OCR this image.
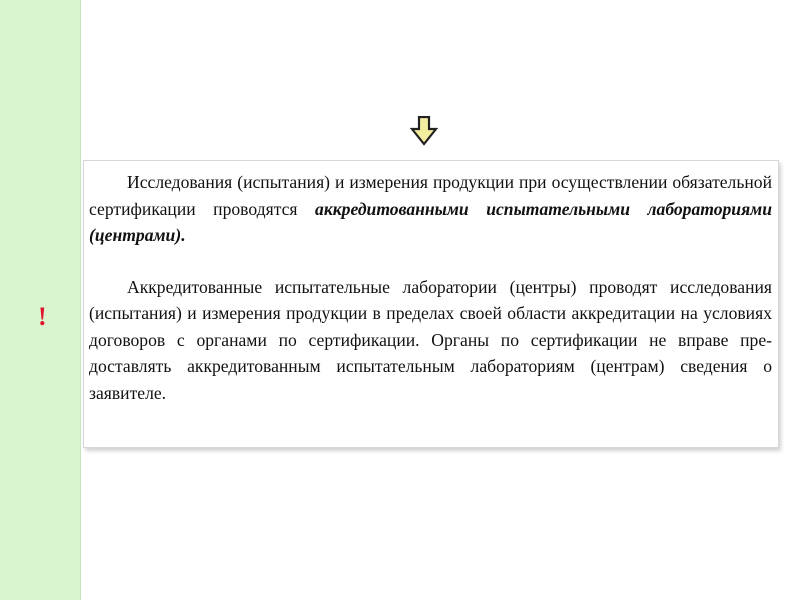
!

Исследования (испытания) и измерения продукции при осуществлении обязательной сертификации проводятся аккредитованными испытательными лабораториями (центрами).

Аккредитованные испытательные лаборатории (центры) проводят исследования (испытания) и измерения продукции в пределах своей области аккредитации на условиях договоров с органами по сертификации. Органы по сертификации не вправе пре-доставлять аккредитованным испытательным лабораториям (центрам) сведения о заявителе.
